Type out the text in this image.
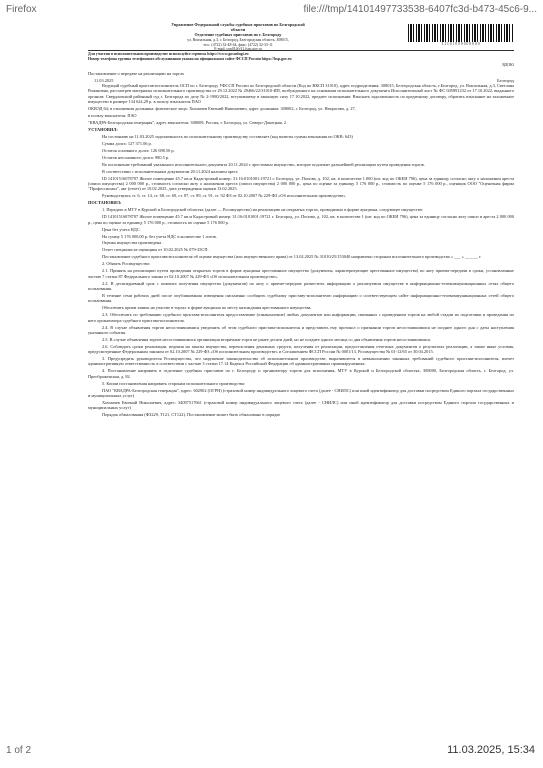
Firefox	file:///tmp/14101497733538-6407fc3d-b473-45c6-9...
Управление Федеральной службы судебных приставов по Белгородской
области
Отделение судебных приставов по г. Белгороду
ул. Вокзальная, д.3, г. Белгород, Белгородская область, 308015,
тел.: (4722) 32-48-44, факс: (4722) 32-33-11
E-mail: osp01@r31.fssp.gov.ru
31101000000000
Для участия в исполнительном производстве используйте сервисы https://www.gosuslugi.ru
Номер телефона группы телефонного обслуживания указан на официальном сайте ФССП России https://fssp.gov.ru
ВДОЮ

Постановление о передаче на реализацию на торгах

11.03.2025	Белгород

Ведущий судебный пристав-исполнитель ОСП по г. Белгороду УФССП России по Белгородской области (Код по ВКСП 31010), адрес подразделения: 308015, Белгородская область, г.Белгород, ул. Вокзальная, д.3, Светлана Романовна, рассмотрев материалы исполнительного производства от 29.12.2022 № 29466/22/31010-ИП, возбужденного на основании исполнительного документа Исполнительный лист № ФС 045891232 от 17.10.2022, выданного органом: Свердловский районный суд г. Белгорода по делу № 2-1980/2022, вступившему в законную силу 17.10.2022, предмет исполнения: Взыскать задолженность по кредитному договору, обратить взыскание на заложенное имущество в размере 134 624,29 р. в пользу взыскателя ПАО

ОКВЭД 64; в отношении должника: физическое лицо: Хохмачев Евгений Николаевич, адрес должника: 308002, г. Белгород, ул. Некрасова, д. 27,

в пользу взыскателя: ПАО

"КВАДРА-Белгородская генерация", адрес взыскателя: 308009, Россия, г. Белгород, ул. Северо-Донецкая, 2

УСТАНОВИЛ:

На состоянию на 11.03.2025 задолженность по исполнительному производству составляет (код валюты суммы взыскания по ОКВ: 643)

Сумма долга: 127 371.06 р.

Остаток основного долга: 126 698.56 р.

Остаток неосновного долга: 980.5 р.

Во исполнение требований указанного исполнительного документа 20.11.2024 г. арестовано имущество, которое подлежит дальнейшей реализации путем проведения торгов.

В соответствии с исполнительным документом 20.11.2024 наложен арест.

ID 14101516078707 Жилое помещение 45.7 кв.м Кадастровый номер: 31:16:0101001:19721 г. Белгород, ул. Попова, д. 102, кв. в количестве 1.000 (шт. код по ОКЕИ 796), цена за единицу согласно акту о наложении ареста (описи имущества) 2 000 000 р., стоимость согласно акту о наложении ареста (описи имущества) 2 000 000 р., цена по оценке за единицу 5 176 000 р., стоимость по оценке 5 176 000 р., оценщик ООО "Оценочная фирма "Профессионал", акт (отчет) от 10.02.2025, дата утверждения оценки 13.02.2025.

Руководствуясь ст. 6, ст. 14, ст. 68, ст. 69, ст. 87, ст. 89, ст. 91, ст. 92 ФЗ от 02.10.2007 № 229-ФЗ «Об исполнительном производстве»

ПОСТАНОВИЛ:

1. Передать в МТУ в Курской и Белгородской областях (далее — Росимущество) на реализацию на открытых торгах, проводимых в форме аукциона, следующее имущество:

ID 14101516078707 Жилое помещение 45.7 кв.м Кадастровый номер: 31:16:0101001:19721 г. Белгород, ул. Попова, д. 102, кв. в количестве 1 (шт. код по ОКЕИ 796), цена за единицу согласно акту описи и ареста 2 000 000 р., цена по оценке за единицу 5 176 000 р., стоимость по оценке 5 176 000 р.

Цена без учета НДС.

На сумму 5 176 000,00 р. без учета НДС в количестве 1 лотов.

Оценка имущества произведена .

Отчет специалиста-оценщика от 10.02.2025 № 079-25СП.

Постановление судебного пристава-исполнителя об оценке имущества (или имущественного права) от 13.02.2025 № 31010/25/153040 направлено сторонам исполнительного производства « ___ » ______ г.

2. Обязать Росимущество:

2.1. Принять на реализацию путем проведения открытых торгов в форме аукциона арестованное имущество (документы, характеризующие арестованное имущество) по акту приема-передачи в сроки, установленные частью 7 статьи 87 Федерального закона от 02.10.2007 № 229-ФЗ «Об исполнительном производстве».

2.2. В десятидневный срок с момента получения имущества (документов) по акту о приеме-передаче разместить информацию о реализуемом имуществе в информационно-телекоммуникационных сетях общего пользования.

В течение семи рабочих дней после опубликования извещения письменно сообщить судебному приставу-исполнителю информацию о соответствующем сайте информационно-телекоммуникационных сетей общего пользования.

Обеспечить прием заявок на участие в торгах в форме аукциона по месту нахождения арестованного имущества.

2.3. Обеспечить по требованию судебного пристава-исполнителя предоставление (ознакомление) любых документов или информации, связанных с проведением торгов на любой стадии их подготовки и проведения их него организатора судебного пристава-исполнителя.

2.4. В случае объявления торгов несостоявшимися уведомить об этом судебного пристава-исполнителя и представить ему протокол о признании торгов несостоявшимися не позднее одного дня с даты наступления указанного события.

2.5. В случае объявления торгов несостоявшимися организация вторичные торги не ранее десяти дней, но не позднее одного месяца со дня объявления торгов несостоявшимися.

2.6. Соблюдать сроки реализации, ведения на заказы имущества, перечисления денежных средств, получения от реализации, предоставления отчетных документов о результатах реализации, а также иные условия, предусмотренные Федеральным законом от 02.10.2007 № 229-ФЗ «Об исполнительном производстве» и Соглашением ФССП России № 0001/13, Росимущества № 01-12/65 от 30.04.2015.

3. Предупредить руководителя Росимущества, что нарушение законодательства об исполнительном производстве, выразившееся в невыполнении законных требований судебного пристава-исполнителя, влечет административную ответственность в соответствии с частью 3 статьи 17.14 Кодекса Российской Федерации об административных правонарушениях.

4. Постановление направить в отделение судебных приставов по г. Белгороду и организатору торгов для исполнения, МТУ в Курской и Белгородской областях, 308000, Белгородская область, г. Белгород, ул. Преображенская, д. 82.

5. Копии постановления направить сторонам исполнительного производства:

ПАО "КВАДРА-Белгородская генерация", адрес: 602902 (ОГРН) (страховой номер индивидуального лицевого счета (далее - СНИЛС) или иной идентификатор для доставки посредством Единого портала государственных и муниципальных услуг)

Хохмачев Евгений Николаевич, адрес: 34097517661 (страховой номер индивидуального лицевого счета (далее - СНИЛС) или иной идентификатор для доставки посредством Единого портала государственных и муниципальных услуг)

Порядок обжалования (ФЗ229, Т121, СТ122). Постановление может быть обжаловано в порядке

1 of 2	11.03.2025, 15:34
